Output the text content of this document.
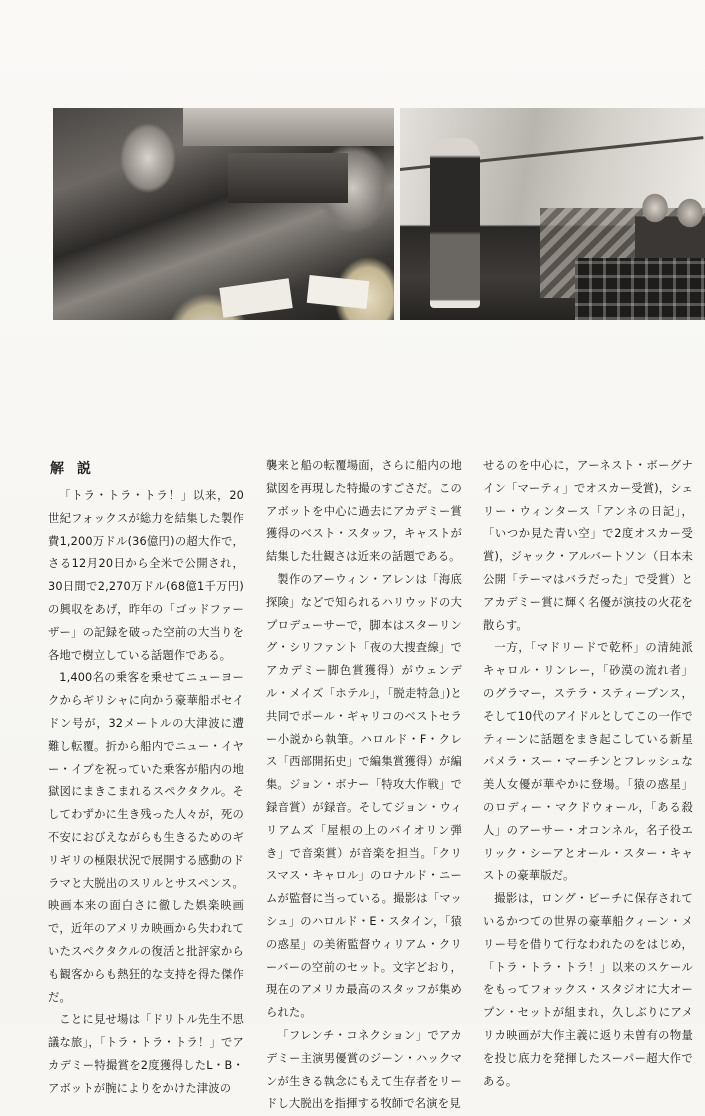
解 説

「トラ・トラ・トラ！」以来，20世紀フォックスが総力を結集した製作費1,200万ドル(36億円)の超大作で，さる12月20日から全米で公開され，30日間で2,270万ドル(68億1千万円)の興収をあげ，昨年の「ゴッドファーザー」の記録を破った空前の大当りを各地で樹立している話題作である。

1,400名の乗客を乗せてニューヨークからギリシャに向かう豪華船ポセイドン号が，32メートルの大津波に遭難し転覆。折から船内でニュー・イヤー・イブを祝っていた乗客が船内の地獄図にまきこまれるスペクタクル。そしてわずかに生き残った人々が，死の不安におびえながらも生きるためのギリギリの極限状況で展開する感動のドラマと大脱出のスリルとサスペンス。映画本来の面白さに徹した娯楽映画で，近年のアメリカ映画から失われていたスペクタクルの復活と批評家からも観客からも熱狂的な支持を得た傑作だ。

ことに見せ場は「ドリトル先生不思議な旅」，「トラ・トラ・トラ！」でアカデミー特撮賞を2度獲得したL・B・アボットが腕によりをかけた津波の

襲来と船の転覆場面，さらに船内の地獄図を再現した特撮のすごさだ。このアボットを中心に過去にアカデミー賞獲得のベスト・スタッフ，キャストが結集した壮観さは近来の話題である。

製作のアーウィン・アレンは「海底探険」などで知られるハリウッドの大プロデューサーで，脚本はスターリング・シリファント「夜の大捜査線」でアカデミー脚色賞獲得）がウェンデル・メイズ「ホテル」，「脱走特急」)と共同でポール・ギャリコのベストセラー小説から執筆。ハロルド・F・クレス「西部開拓史」で編集賞獲得）が編集。ジョン・ボナー「特攻大作戦」で録音賞）が録音。そしてジョン・ウィリアムズ「屋根の上のバイオリン弾き」で音楽賞）が音楽を担当。「クリスマス・キャロル」のロナルド・ニームが監督に当っている。撮影は「マッシュ」のハロルド・E・スタイン，「猿の惑星」の美術監督ウィリアム・クリーバーの空前のセット。文字どおり，現在のアメリカ最高のスタッフが集められた。

「フレンチ・コネクション」でアカデミー主演男優賞のジーン・ハックマンが生きる執念にもえて生存者をリードし大脱出を指揮する牧師で名演を見

せるのを中心に，アーネスト・ボーグナイン「マーティ」でオスカー受賞)，シェリー・ウィンタース「アンネの日記」，「いつか見た青い空」で2度オスカー受賞)，ジャック・アルバートソン（日本未公開「テーマはバラだった」で受賞）とアカデミー賞に輝く名優が演技の火花を散らす。

一方，「マドリードで乾杯」の清純派キャロル・リンレー，「砂漠の流れ者」のグラマー，ステラ・スティーブンス，そして10代のアイドルとしてこの一作でティーンに話題をまき起こしている新星パメラ・スー・マーチンとフレッシュな美人女優が華やかに登場。「猿の惑星」のロディー・マクドウォール，「ある殺人」のアーサー・オコンネル，名子役エリック・シーアとオール・スター・キャストの豪華版だ。

撮影は，ロング・ビーチに保存されているかつての世界の豪華船クィーン・メリー号を借りて行なわれたのをはじめ，「トラ・トラ・トラ！」以来のスケールをもってフォックス・スタジオに大オープン・セットが組まれ，久しぶりにアメリカ映画が大作主義に返り未曽有の物量を投じ底力を発揮したスーパー超大作である。
